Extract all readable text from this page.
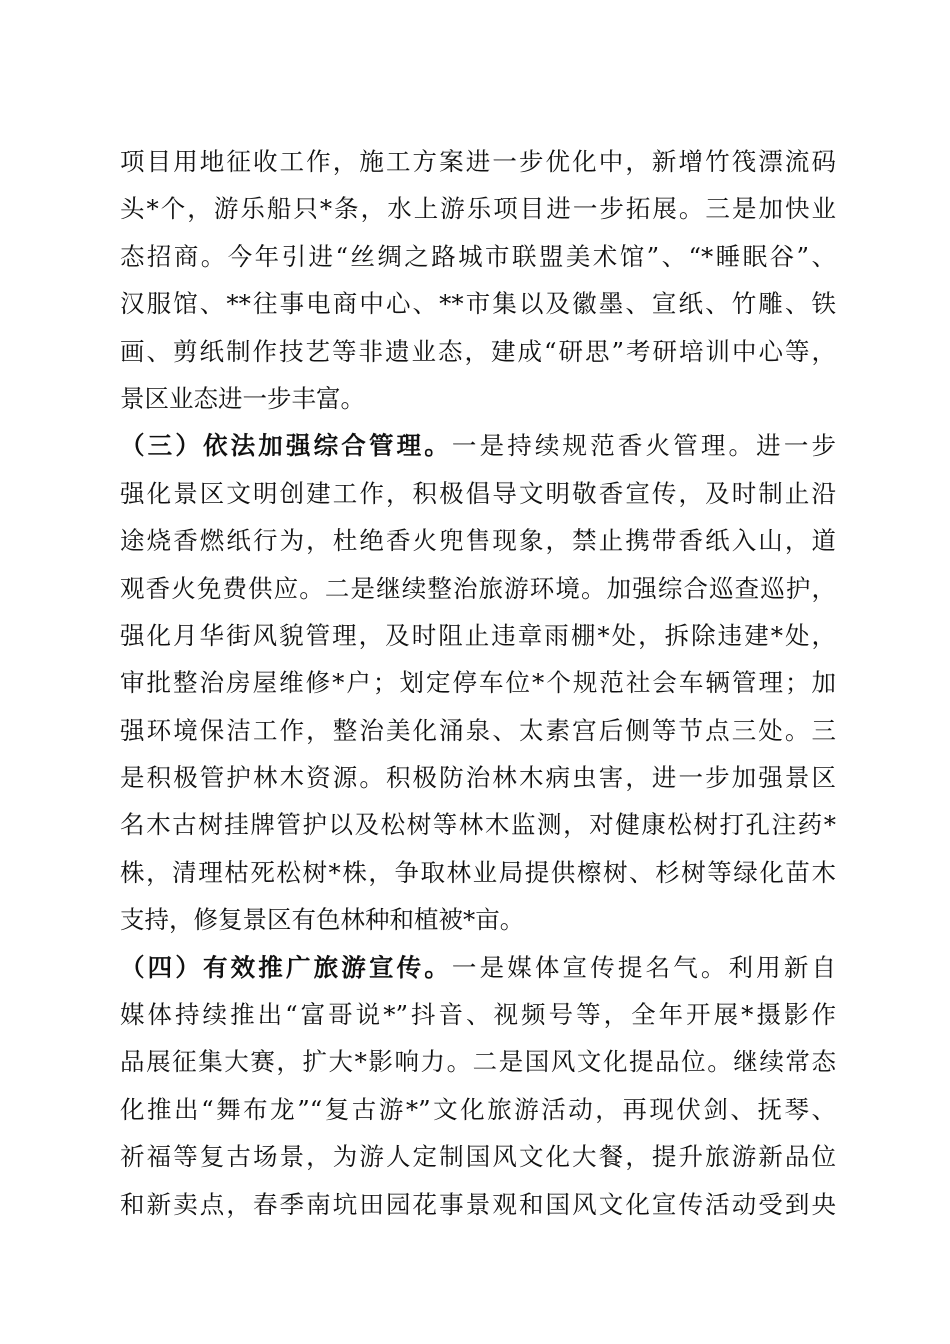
项目用地征收工作，施工方案进一步优化中，新增竹筏漂流码
头*个，游乐船只*条，水上游乐项目进一步拓展。三是加快业
态招商。今年引进“丝绸之路城市联盟美术馆”、“*睡眠谷”、
汉服馆、**往事电商中心、**市集以及徽墨、宣纸、竹雕、铁
画、剪纸制作技艺等非遗业态，建成“研思”考研培训中心等，
景区业态进一步丰富。
（三）依法加强综合管理。一是持续规范香火管理。进一步
强化景区文明创建工作，积极倡导文明敬香宣传，及时制止沿
途烧香燃纸行为，杜绝香火兜售现象，禁止携带香纸入山，道
观香火免费供应。二是继续整治旅游环境。加强综合巡查巡护，
强化月华街风貌管理，及时阻止违章雨棚*处，拆除违建*处，
审批整治房屋维修*户；划定停车位*个规范社会车辆管理；加
强环境保洁工作，整治美化涌泉、太素宫后侧等节点三处。三
是积极管护林木资源。积极防治林木病虫害，进一步加强景区
名木古树挂牌管护以及松树等林木监测，对健康松树打孔注药*
株，清理枯死松树*株，争取林业局提供檫树、杉树等绿化苗木
支持，修复景区有色林种和植被*亩。
（四）有效推广旅游宣传。一是媒体宣传提名气。利用新自
媒体持续推出“富哥说*”抖音、视频号等，全年开展*摄影作
品展征集大赛，扩大*影响力。二是国风文化提品位。继续常态
化推出“舞布龙”“复古游*”文化旅游活动，再现伏剑、抚琴、
祈福等复古场景，为游人定制国风文化大餐，提升旅游新品位
和新卖点，春季南坑田园花事景观和国风文化宣传活动受到央
